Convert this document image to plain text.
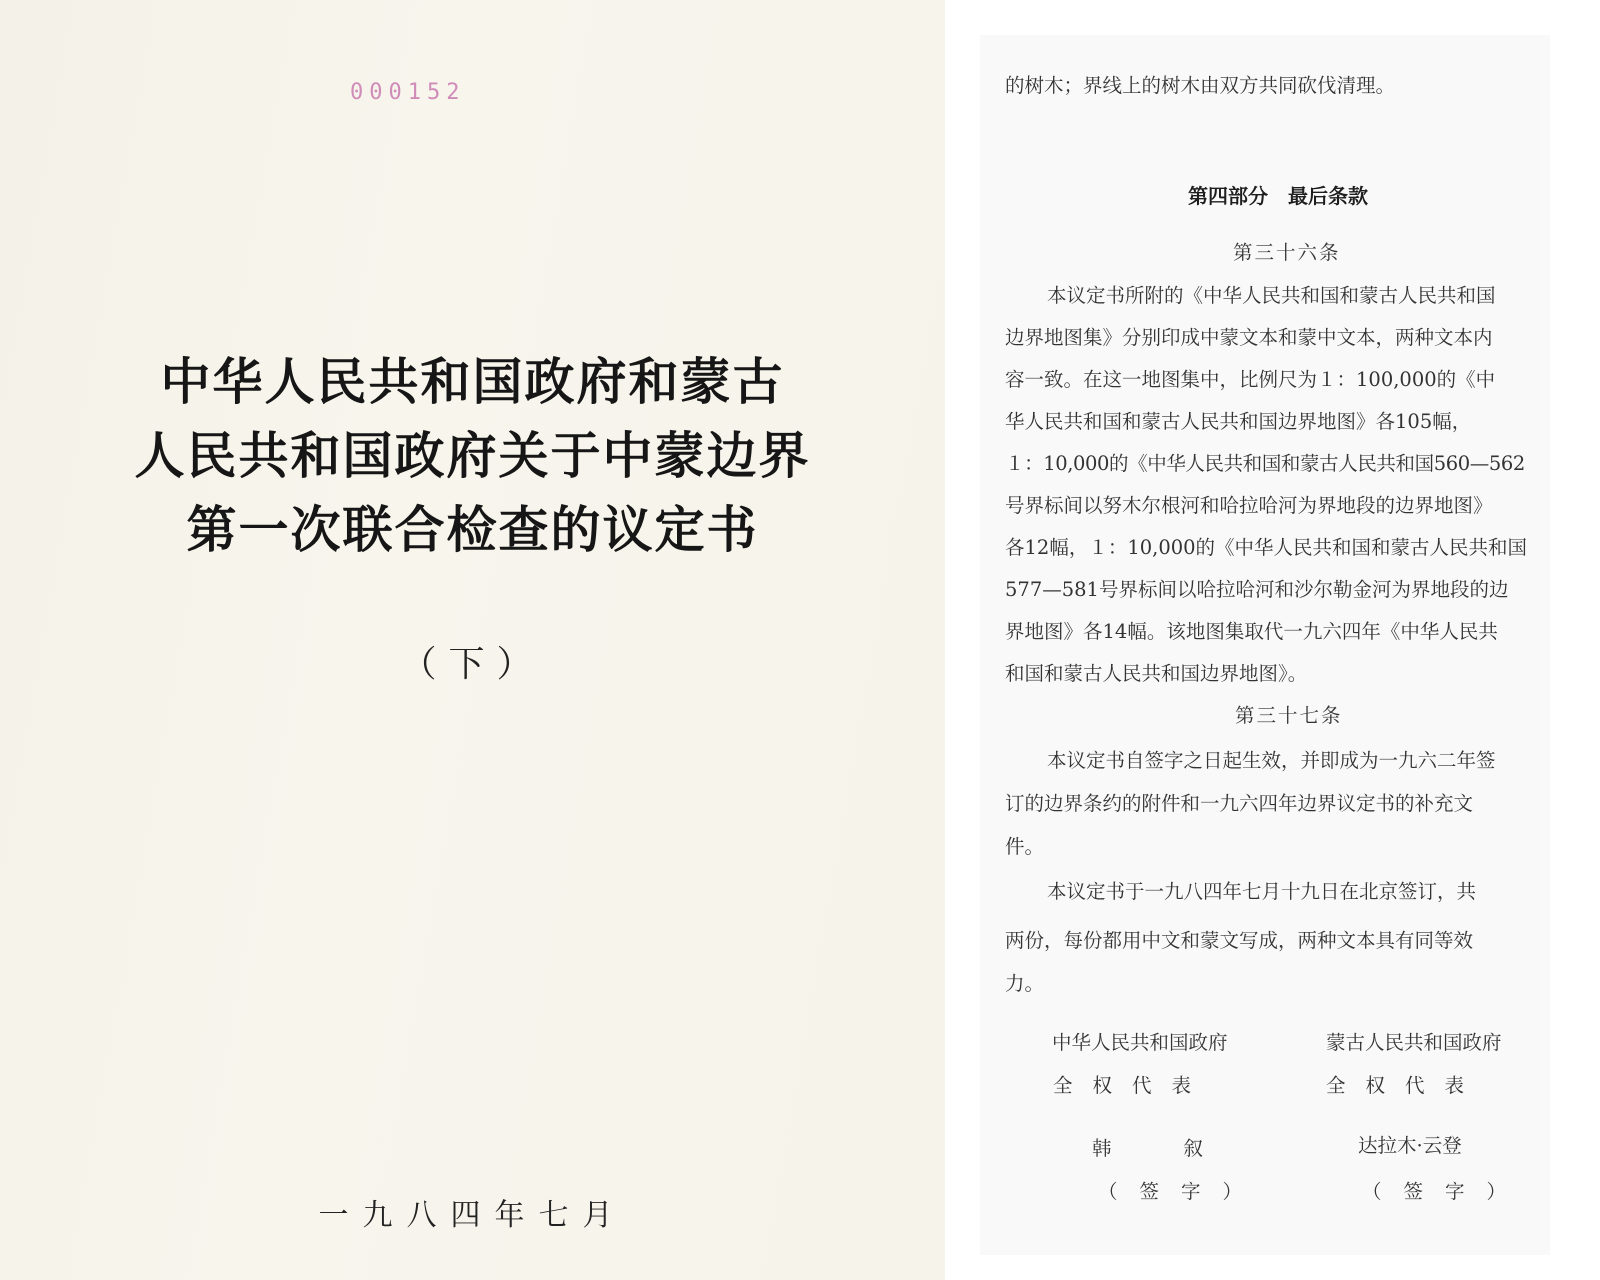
000152
中华人民共和国政府和蒙古
人民共和国政府关于中蒙边界
第一次联合检查的议定书
（下）
一九八四年七月
的树木；界线上的树木由双方共同砍伐清理。
第四部分　最后条款
第三十六条
本议定书所附的《中华人民共和国和蒙古人民共和国
边界地图集》分别印成中蒙文本和蒙中文本，两种文本内
容一致。在这一地图集中，比例尺为１：100,000的《中
华人民共和国和蒙古人民共和国边界地图》各105幅，
１：10,000的《中华人民共和国和蒙古人民共和国560—562
号界标间以努木尔根河和哈拉哈河为界地段的边界地图》
各12幅，１：10,000的《中华人民共和国和蒙古人民共和国
577—581号界标间以哈拉哈河和沙尔勒金河为界地段的边
界地图》各14幅。该地图集取代一九六四年《中华人民共
和国和蒙古人民共和国边界地图》。
第三十七条
本议定书自签字之日起生效，并即成为一九六二年签
订的边界条约的附件和一九六四年边界议定书的补充文
件。
本议定书于一九八四年七月十九日在北京签订，共
两份，每份都用中文和蒙文写成，两种文本具有同等效
力。
中华人民共和国政府
全权代表
韩叙
（签字）
蒙古人民共和国政府
全权代表
达拉木·云登
（签字）
